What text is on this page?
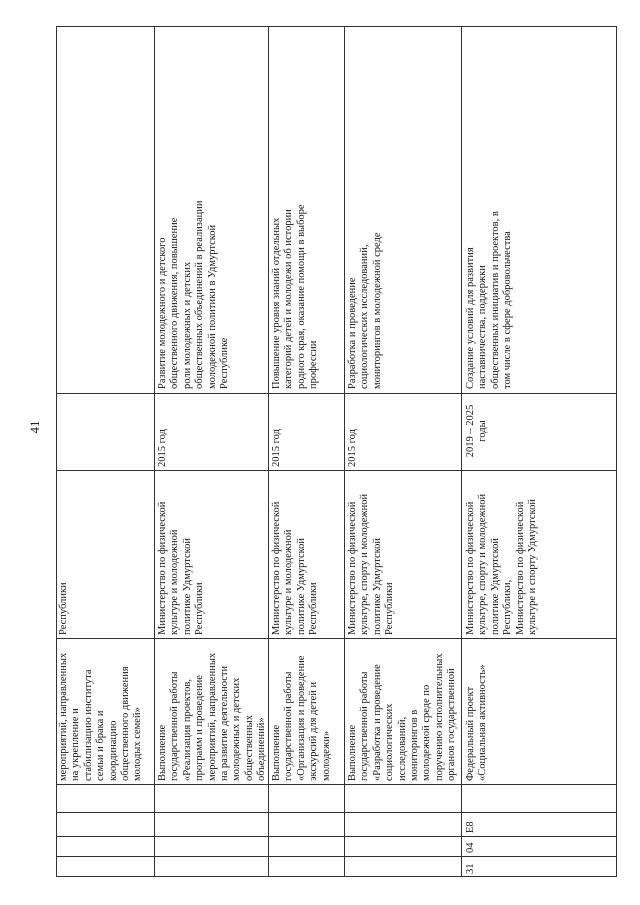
41
мероприятий, направленных
на укрепление и
стабилизацию института
семьи и брака и
координацию
общественного движения
молодых семей»
Республики
Выполнение
государственной работы
«Реализация проектов,
программ и проведение
мероприятий, направленных
на развитие деятельности
молодежных и детских
общественных
объединений»
Министерство по физической
культуре и молодежной
политике Удмуртской
Республики
2015 год
Развитие молодежного и детского
общественного движения, повышение
роли молодежных и детских
общественных объединений в реализации
молодежной политики в Удмуртской
Республике
Выполнение
государственной работы
«Организация и проведение
экскурсий для детей и
молодежи»
Министерство по физической
культуре и молодежной
политике Удмуртской
Республики
2015 год
Повышение уровня знаний отдельных
категорий детей и молодежи об истории
родного края, оказание помощи в выборе
профессии
Выполнение
государственной работы
«Разработка и проведение
социологических
исследований,
мониторингов в
молодежной среде по
поручению исполнительных
органов государственной

Министерство по физической
культуре, спорту и молодежной
политике Удмуртской
Республики
2015 год
Разработка и проведение
социологических исследований,
мониторингов в молодежной среде
31
04
E8
Федеральный проект
«Социальная активность»
Министерство по физической
культуре, спорту и молодежной
политике Удмуртской
Республики,
Министерство по физической
культуре и спорту Удмуртской
2019 – 2025
годы
Создание условий для развития
наставничества, поддержки
общественных инициатив и проектов, в
том числе в сфере добровольчества
